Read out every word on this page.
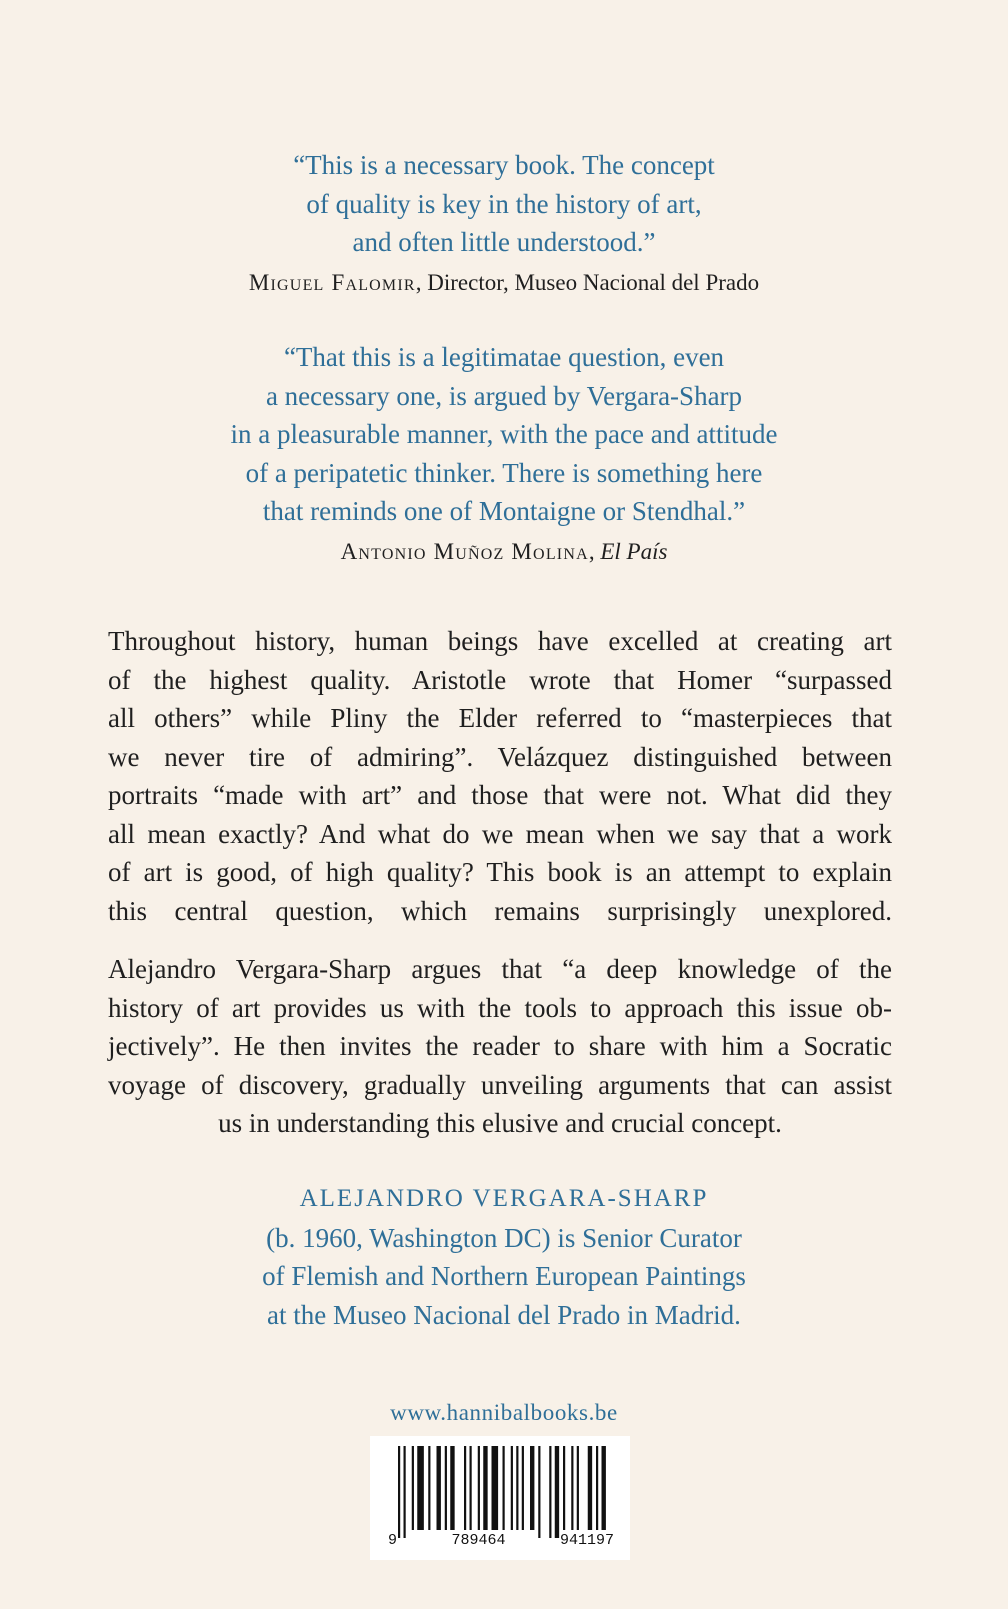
“This is a necessary book. The concept
of quality is key in the history of art,
and often little understood.”
Miguel Falomir, Director, Museo Nacional del Prado
“That this is a legitimatae question, even
a necessary one, is argued by Vergara-Sharp
in a pleasurable manner, with the pace and attitude
of a peripatetic thinker. There is something here
that reminds one of Montaigne or Stendhal.”
Antonio Muñoz Molina, El País
Throughout history, human beings have excelled at creating art
of the highest quality. Aristotle wrote that Homer “surpassed
all others” while Pliny the Elder referred to “masterpieces that
we never tire of admiring”. Velázquez distinguished between
portraits “made with art” and those that were not. What did they
all mean exactly? And what do we mean when we say that a work
of art is good, of high quality? This book is an attempt to explain
this central question, which remains surprisingly unexplored.
Alejandro Vergara-Sharp argues that “a deep knowledge of the
history of art provides us with the tools to approach this issue ob-
jectively”. He then invites the reader to share with him a Socratic
voyage of discovery, gradually unveiling arguments that can assist
us in understanding this elusive and crucial concept.
ALEJANDRO VERGARA-SHARP
(b. 1960, Washington DC) is Senior Curator
of Flemish and Northern European Paintings
at the Museo Nacional del Prado in Madrid.
www.hannibalbooks.be
9	789464	941197
